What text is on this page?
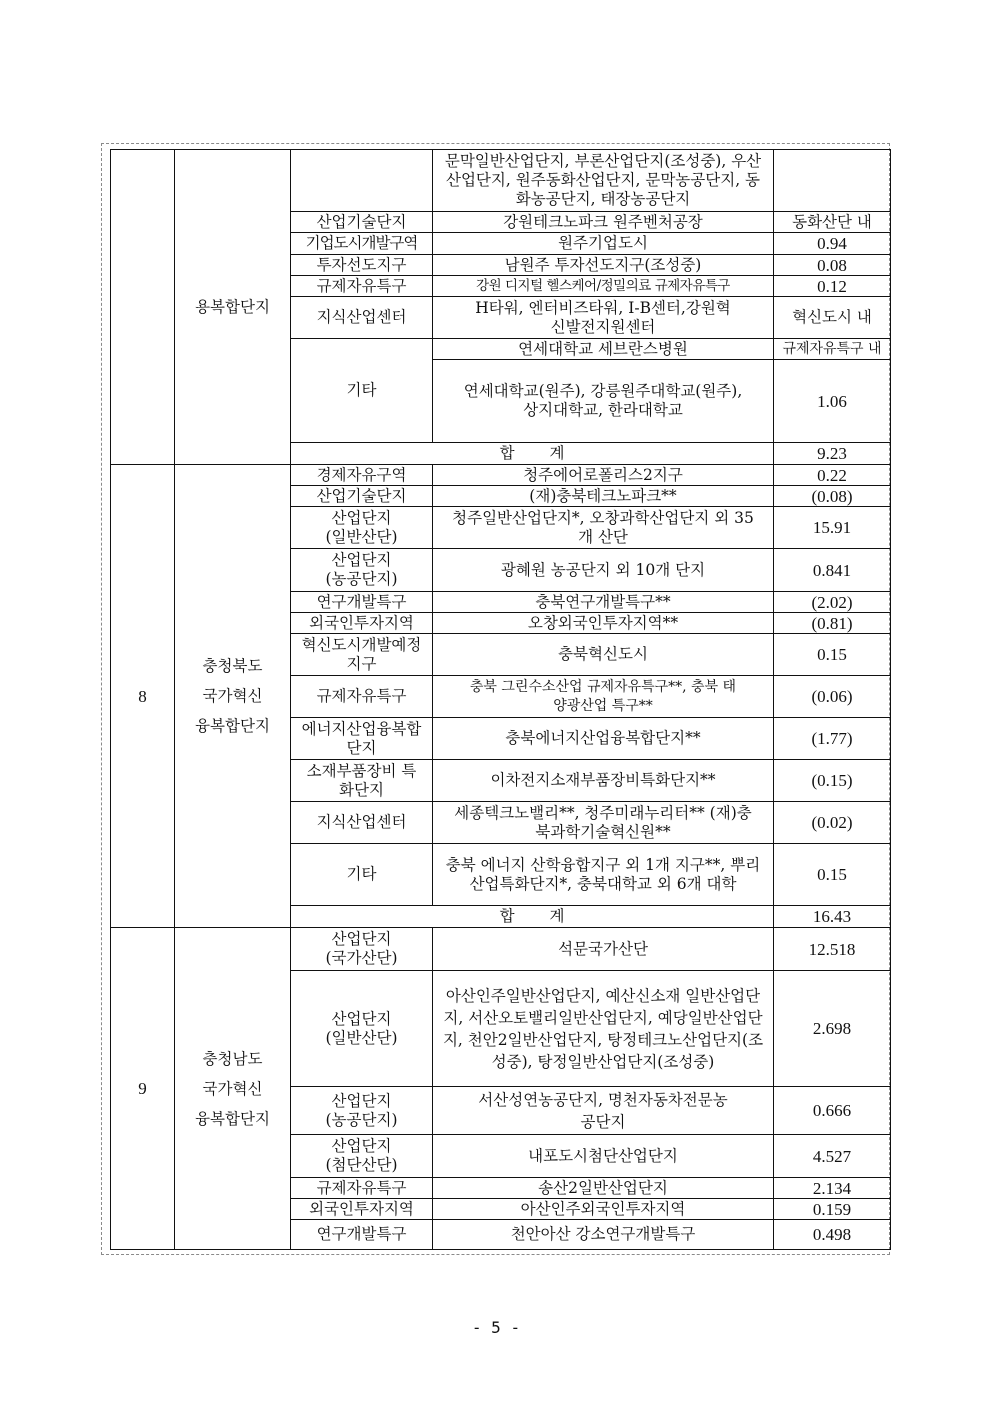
	용복합단지		문막일반산업단지, 부론산업단지(조성중), 우산산업단지, 원주동화산업단지, 문막농공단지, 동화농공단지, 태장농공단지	
		산업기술단지	강원테크노파크 원주벤처공장	동화산단 내
		기업도시개발구역	원주기업도시	0.94
		투자선도지구	남원주 투자선도지구(조성중)	0.08
		규제자유특구	강원 디지털 헬스케어/정밀의료 규제자유특구	0.12
		지식산업센터	H타워, 엔터비즈타워, I-B센터,강원혁신발전지원센터	혁신도시 내
		기타	연세대학교 세브란스병원	규제자유특구 내
			연세대학교(원주), 강릉원주대학교(원주), 상지대학교, 한라대학교	1.06
		합 계		9.23

8	충청북도 국가혁신 융복합단지	경제자유구역	청주에어로폴리스2지구	0.22
		산업기술단지	(재)충북테크노파크**	(0.08)
		산업단지 (일반산단)	청주일반산업단지*, 오창과학산업단지 외 35개 산단	15.91
		산업단지 (농공단지)	광혜원 농공단지 외 10개 단지	0.841
		연구개발특구	충북연구개발특구**	(2.02)
		외국인투자지역	오창외국인투자지역**	(0.81)
		혁신도시개발예정지구	충북혁신도시	0.15
		규제자유특구	충북 그린수소산업 규제자유특구**, 충북 태양광산업 특구**	(0.06)
		에너지산업융복합단지	충북에너지산업융복합단지**	(1.77)
		소재부품장비 특화단지	이차전지소재부품장비특화단지**	(0.15)
		지식산업센터	세종텍크노밸리**, 청주미래누리터** (재)충북과학기술혁신원**	(0.02)
		기타	충북 에너지 산학융합지구 외 1개 지구**, 뿌리산업특화단지*, 충북대학교 외 6개 대학	0.15
		합 계		16.43
9	충청남도 국가혁신 융복합단지	산업단지 (국가산단)	석문국가산단	12.518
		산업단지 (일반산단)	아산인주일반산업단지, 예산신소재 일반산업단지, 서산오토밸리일반산업단지, 예당일반산업단지, 천안2일반산업단지, 탕정테크노산업단지(조성중), 탕정일반산업단지(조성중)	2.698
		산업단지 (농공단지)	서산성연농공단지, 명천자동차전문농공단지	0.666
		산업단지 (첨단산단)	내포도시첨단산업단지	4.527
		규제자유특구	송산2일반산업단지	2.134
		외국인투자지역	아산인주외국인투자지역	0.159
		연구개발특구	천안아산 강소연구개발특구	0.498
- 5 -
